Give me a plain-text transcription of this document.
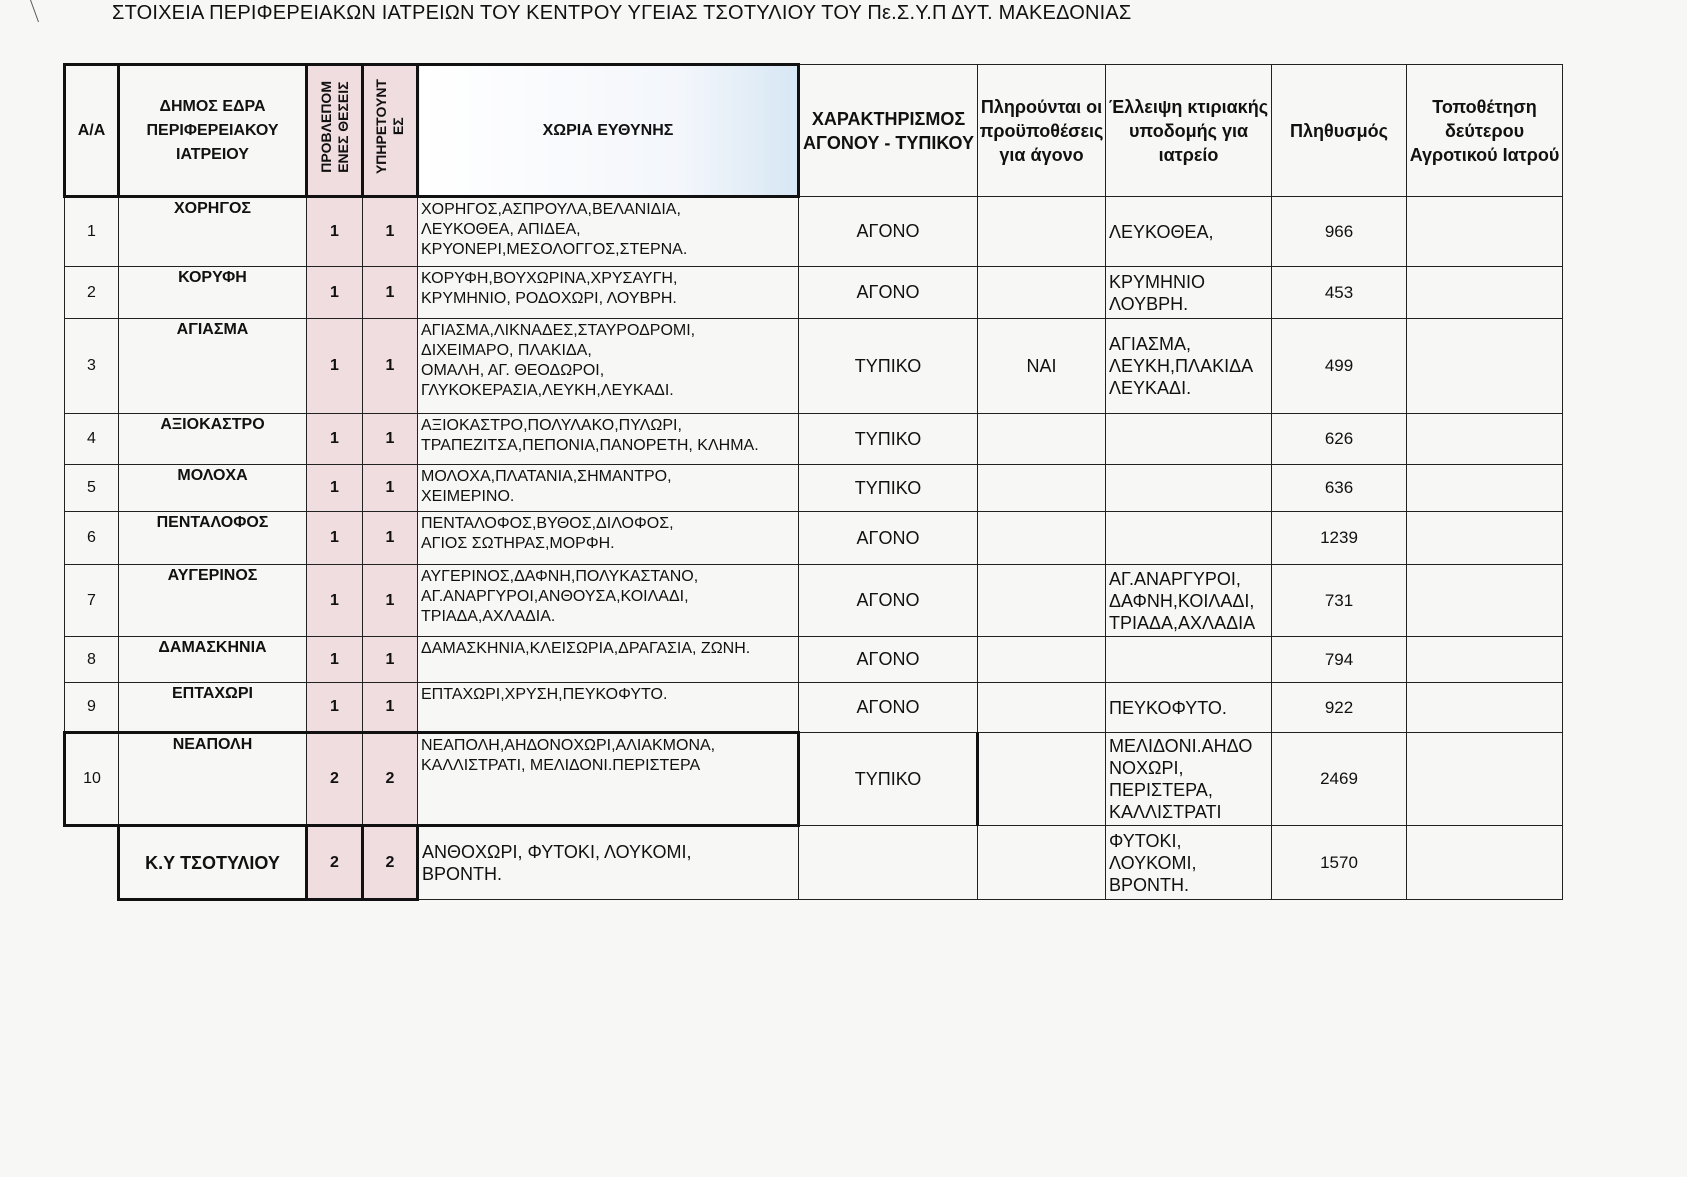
ΣΤΟΙΧΕΙΑ ΠΕΡΙΦΕΡΕΙΑΚΩΝ ΙΑΤΡΕΙΩΝ ΤΟΥ ΚΕΝΤΡΟΥ ΥΓΕΙΑΣ ΤΣΟΤΥΛΙΟΥ ΤΟΥ Πε.Σ.Υ.Π ΔΥΤ. ΜΑΚΕΔΟΝΙΑΣ
Α/Α	ΔΗΜΟΣ ΕΔΡΑ ΠΕΡΙΦΕΡΕΙΑΚΟΥ ΙΑΤΡΕΙΟΥ	ΠΡΟΒΛΕΠΟΜ
ΕΝΕΣ ΘΕΣΕΙΣ	ΥΠΗΡΕΤΟΥΝΤ
ΕΣ	ΧΩΡΙΑ ΕΥΘΥΝΗΣ	ΧΑΡΑΚΤΗΡΙΣΜΟΣ ΑΓΟΝΟΥ - ΤΥΠΙΚΟΥ	Πληρούνται οι προϋποθέσεις για άγονο	Έλλειψη κτιριακής υποδομής για ιατρείο	Πληθυσμός	Τοποθέτηση δεύτερου Αγροτικού Ιατρού
1	ΧΟΡΗΓΟΣ	1	1	ΧΟΡΗΓΟΣ,ΑΣΠΡΟΥΛΑ,ΒΕΛΑΝΙΔΙΑ,
ΛΕΥΚΟΘΕΑ, ΑΠΙΔΕΑ,
ΚΡΥΟΝΕΡΙ,ΜΕΣΟΛΟΓΓΟΣ,ΣΤΕΡΝΑ.	ΑΓΟΝΟ		ΛΕΥΚΟΘΕΑ,	966	
2	ΚΟΡΥΦΗ	1	1	ΚΟΡΥΦΗ,ΒΟΥΧΩΡΙΝΑ,ΧΡΥΣΑΥΓΗ,
ΚΡΥΜΗΝΙΟ, ΡΟΔΟΧΩΡΙ, ΛΟΥΒΡΗ.	ΑΓΟΝΟ		ΚΡΥΜΗΝΙΟ
ΛΟΥΒΡΗ.	453	
3	ΑΓΙΑΣΜΑ	1	1	ΑΓΙΑΣΜΑ,ΛΙΚΝΑΔΕΣ,ΣΤΑΥΡΟΔΡΟΜΙ,
ΔΙΧΕΙΜΑΡΟ, ΠΛΑΚΙΔΑ,
ΟΜΑΛΗ, ΑΓ. ΘΕΟΔΩΡΟΙ,
ΓΛΥΚΟΚΕΡΑΣΙΑ,ΛΕΥΚΗ,ΛΕΥΚΑΔΙ.	ΤΥΠΙΚΟ	ΝΑΙ	ΑΓΙΑΣΜΑ,
ΛΕΥΚΗ,ΠΛΑΚΙΔΑ
ΛΕΥΚΑΔΙ.	499	
4	ΑΞΙΟΚΑΣΤΡΟ	1	1	ΑΞΙΟΚΑΣΤΡΟ,ΠΟΛΥΛΑΚΟ,ΠΥΛΩΡΙ,
ΤΡΑΠΕΖΙΤΣΑ,ΠΕΠΟΝΙΑ,ΠΑΝΟΡΕΤΗ, ΚΛΗΜΑ.	ΤΥΠΙΚΟ			626	
5	ΜΟΛΟΧΑ	1	1	ΜΟΛΟΧΑ,ΠΛΑΤΑΝΙΑ,ΣΗΜΑΝΤΡΟ,
ΧΕΙΜΕΡΙΝΟ.	ΤΥΠΙΚΟ			636	
6	ΠΕΝΤΑΛΟΦΟΣ	1	1	ΠΕΝΤΑΛΟΦΟΣ,ΒΥΘΟΣ,ΔΙΛΟΦΟΣ,
ΑΓΙΟΣ ΣΩΤΗΡΑΣ,ΜΟΡΦΗ.	ΑΓΟΝΟ			1239	
7	ΑΥΓΕΡΙΝΟΣ	1	1	ΑΥΓΕΡΙΝΟΣ,ΔΑΦΝΗ,ΠΟΛΥΚΑΣΤΑΝΟ,
ΑΓ.ΑΝΑΡΓΥΡΟΙ,ΑΝΘΟΥΣΑ,ΚΟΙΛΑΔΙ,
ΤΡΙΑΔΑ,ΑΧΛΑΔΙΑ.	ΑΓΟΝΟ		ΑΓ.ΑΝΑΡΓΥΡΟΙ,
ΔΑΦΝΗ,ΚΟΙΛΑΔΙ,
ΤΡΙΑΔΑ,ΑΧΛΑΔΙΑ	731	
8	ΔΑΜΑΣΚΗΝΙΑ	1	1	ΔΑΜΑΣΚΗΝΙΑ,ΚΛΕΙΣΩΡΙΑ,ΔΡΑΓΑΣΙΑ, ΖΩΝΗ.	ΑΓΟΝΟ			794	
9	ΕΠΤΑΧΩΡΙ	1	1	ΕΠΤΑΧΩΡΙ,ΧΡΥΣΗ,ΠΕΥΚΟΦΥΤΟ.	ΑΓΟΝΟ		ΠΕΥΚΟΦΥΤΟ.	922	
10	ΝΕΑΠΟΛΗ	2	2	ΝΕΑΠΟΛΗ,ΑΗΔΟΝΟΧΩΡΙ,ΑΛΙΑΚΜΟΝΑ,
ΚΑΛΛΙΣΤΡΑΤΙ, ΜΕΛΙΔΟΝΙ.ΠΕΡΙΣΤΕΡΑ	ΤΥΠΙΚΟ		ΜΕΛΙΔΟΝΙ.ΑΗΔΟ
ΝΟΧΩΡΙ,
ΠΕΡΙΣΤΕΡΑ,
ΚΑΛΛΙΣΤΡΑΤΙ	2469	
	Κ.Υ ΤΣΟΤΥΛΙΟΥ	2	2	ΑΝΘΟΧΩΡΙ, ΦΥΤΟΚΙ, ΛΟΥΚΟΜΙ,
ΒΡΟΝΤΗ.			ΦΥΤΟΚΙ,
ΛΟΥΚΟΜΙ,
ΒΡΟΝΤΗ.	1570	
